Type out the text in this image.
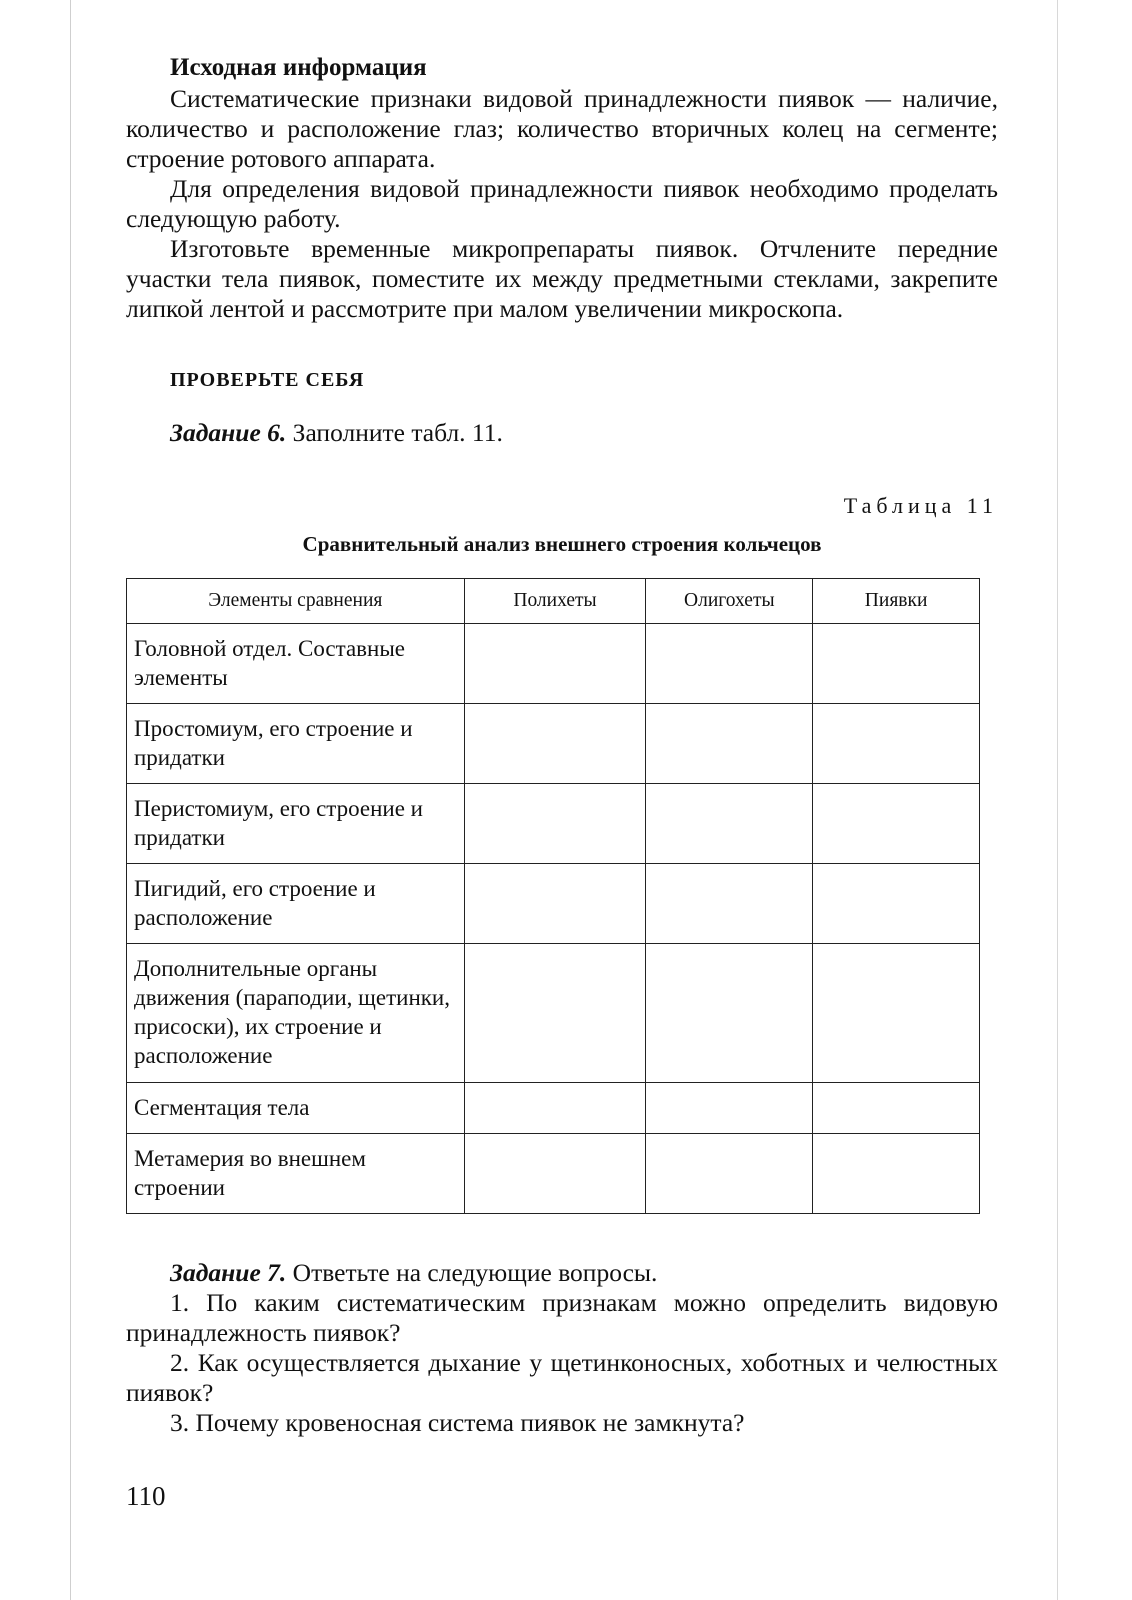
Исходная информация

Систематические признаки видовой принадлежности пиявок — наличие, количество и расположение глаз; количество вторичных колец на сегменте; строение ротового аппарата.

Для определения видовой принадлежности пиявок необходимо проделать следующую работу.

Изготовьте временные микропрепараты пиявок. Отчлените передние участки тела пиявок, поместите их между предметными стеклами, закрепите липкой лентой и рассмотрите при малом увеличении микроскопа.

ПРОВЕРЬТЕ СЕБЯ
Задание 6. Заполните табл. 11.
Таблица 11
Сравнительный анализ внешнего строения кольчецов
Элементы сравнения	Полихеты	Олигохеты	Пиявки
Головной отдел. Составные элементы			
Простомиум, его строение и придатки			
Перистомиум, его строение и придатки			
Пигидий, его строение и расположение			
Дополнительные органы движения (параподии, щетинки, присоски), их строение и расположение			
Сегментация тела			
Метамерия во внешнем строении			
Задание 7. Ответьте на следующие вопросы.

1. По каким систематическим признакам можно определить видовую принадлежность пиявок?

2. Как осуществляется дыхание у щетинконосных, хоботных и челюстных пиявок?

3. Почему кровеносная система пиявок не замкнута?

110
